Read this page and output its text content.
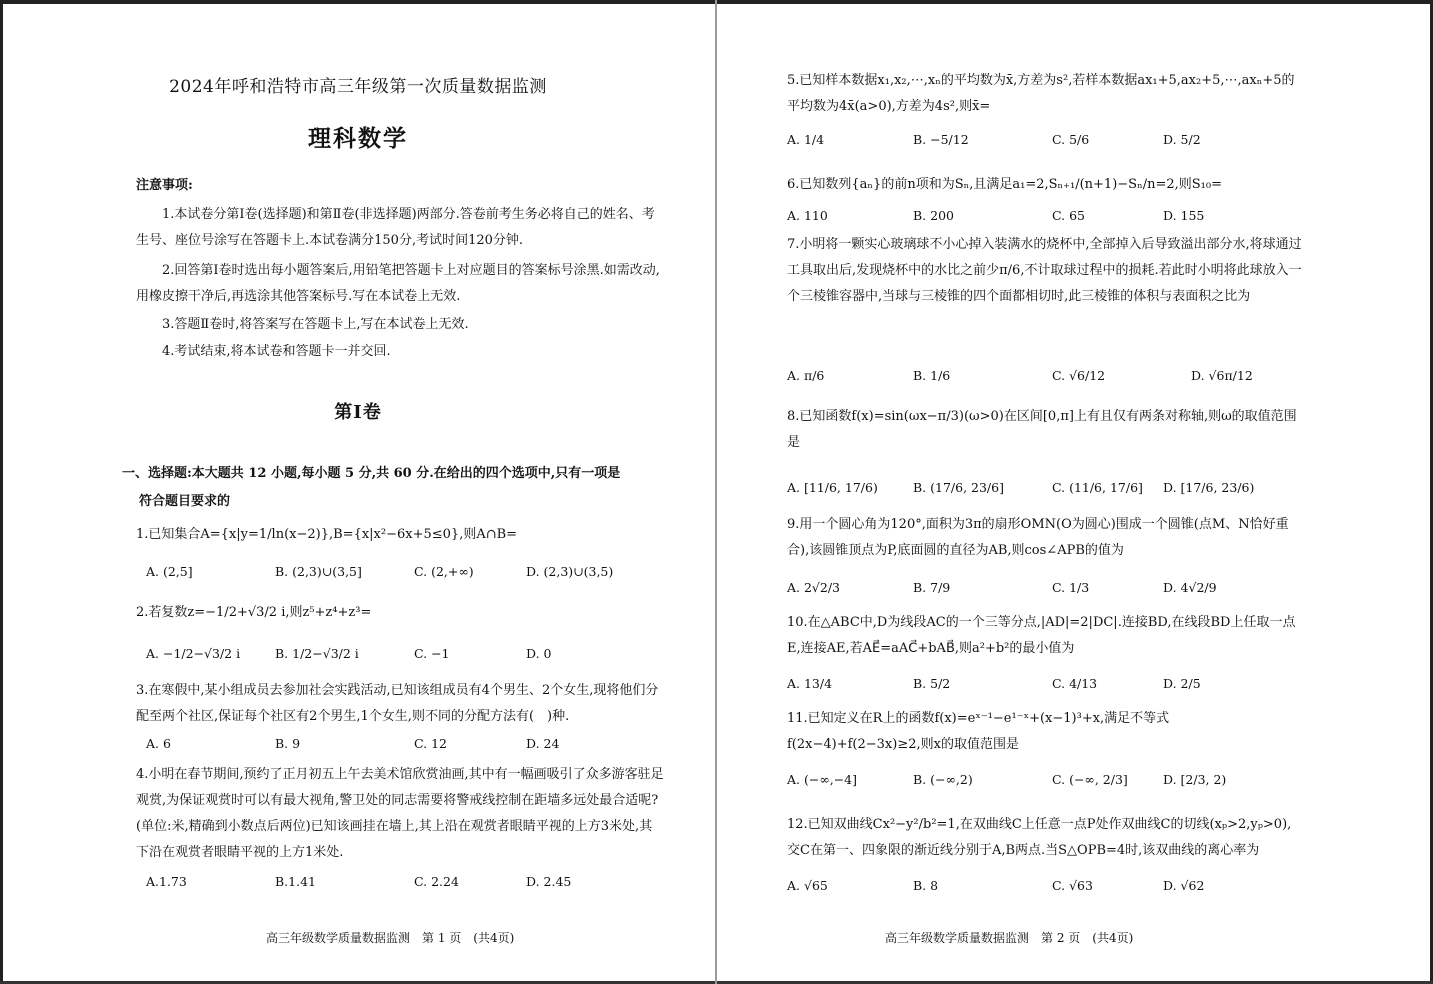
2024年呼和浩特市高三年级第一次质量数据监测
理科数学
注意事项:

1.本试卷分第Ⅰ卷(选择题)和第Ⅱ卷(非选择题)两部分.答卷前考生务必将自己的姓名、考生号、座位号涂写在答题卡上.本试卷满分150分,考试时间120分钟.

2.回答第Ⅰ卷时选出每小题答案后,用铅笔把答题卡上对应题目的答案标号涂黑.如需改动,用橡皮擦干净后,再选涂其他答案标号.写在本试卷上无效.

3.答题Ⅱ卷时,将答案写在答题卡上,写在本试卷上无效.

4.考试结束,将本试卷和答题卡一并交回.

第Ⅰ卷

一、选择题:本大题共 12 小题,每小题 5 分,共 60 分.在给出的四个选项中,只有一项是
符合题目要求的

1.已知集合A={x|y=1/ln(x−2)},B={x|x²−6x+5≤0},则A∩B=

A. (2,5]	B. (2,3)∪(3,5]	C. (2,+∞)	D. (2,3)∪(3,5)

2.若复数z=−1/2+√3/2 i,则z⁵+z⁴+z³=

A. −1/2−√3/2 i	B. 1/2−√3/2 i	C. −1	D. 0

3.在寒假中,某小组成员去参加社会实践活动,已知该组成员有4个男生、2个女生,现将他们分配至两个社区,保证每个社区有2个男生,1个女生,则不同的分配方法有(　)种.

A. 6	B. 9	C. 12	D. 24

4.小明在春节期间,预约了正月初五上午去美术馆欣赏油画,其中有一幅画吸引了众多游客驻足观赏,为保证观赏时可以有最大视角,警卫处的同志需要将警戒线控制在距墙多远处最合适呢?(单位:米,精确到小数点后两位)已知该画挂在墙上,其上沿在观赏者眼睛平视的上方3米处,其下沿在观赏者眼睛平视的上方1米处.

A.1.73	B.1.41	C. 2.24	D. 2.45
高三年级数学质量数据监测　第 1 页　(共4页)

5.已知样本数据x₁,x₂,⋯,xₙ的平均数为x̄,方差为s²,若样本数据ax₁+5,ax₂+5,⋯,axₙ+5的平均数为4x̄(a>0),方差为4s²,则x̄=

A. 1/4	B. −5/12	C. 5/6	D. 5/2

6.已知数列{aₙ}的前n项和为Sₙ,且满足a₁=2,Sₙ₊₁/(n+1)−Sₙ/n=2,则S₁₀=

A. 110	B. 200	C. 65	D. 155

7.小明将一颗实心玻璃球不小心掉入装满水的烧杯中,全部掉入后导致溢出部分水,将球通过工具取出后,发现烧杯中的水比之前少π/6,不计取球过程中的损耗.若此时小明将此球放入一个三棱锥容器中,当球与三棱锥的四个面都相切时,此三棱锥的体积与表面积之比为

A. π/6	B. 1/6	C. √6/12	D. √6π/12

8.已知函数f(x)=sin(ωx−π/3)(ω>0)在区间[0,π]上有且仅有两条对称轴,则ω的取值范围是

A. [11/6, 17/6)	B. (17/6, 23/6]	C. (11/6, 17/6] D. [17/6, 23/6)

9.用一个圆心角为120°,面积为3π的扇形OMN(O为圆心)围成一个圆锥(点M、N恰好重合),该圆锥顶点为P,底面圆的直径为AB,则cos∠APB的值为

A. 2√2/3	B. 7/9	C. 1/3	D. 4√2/9

10.在△ABC中,D为线段AC的一个三等分点,|AD|=2|DC|.连接BD,在线段BD上任取一点E,连接AE,若AE⃗=aAC⃗+bAB⃗,则a²+b²的最小值为

A. 13/4	B. 5/2	C. 4/13	D. 2/5

11.已知定义在R上的函数f(x)=eˣ⁻¹−e¹⁻ˣ+(x−1)³+x,满足不等式f(2x−4)+f(2−3x)≥2,则x的取值范围是

A. (−∞,−4]	B. (−∞,2)	C. (−∞, 2/3]	D. [2/3, 2)

12.已知双曲线Cx²−y²/b²=1,在双曲线C上任意一点P处作双曲线C的切线(xₚ>2,yₚ>0),交C在第一、四象限的渐近线分别于A,B两点.当S△OPB=4时,该双曲线的离心率为

A. √65	B. 8	C. √63	D. √62
高三年级数学质量数据监测　第 2 页　(共4页)
